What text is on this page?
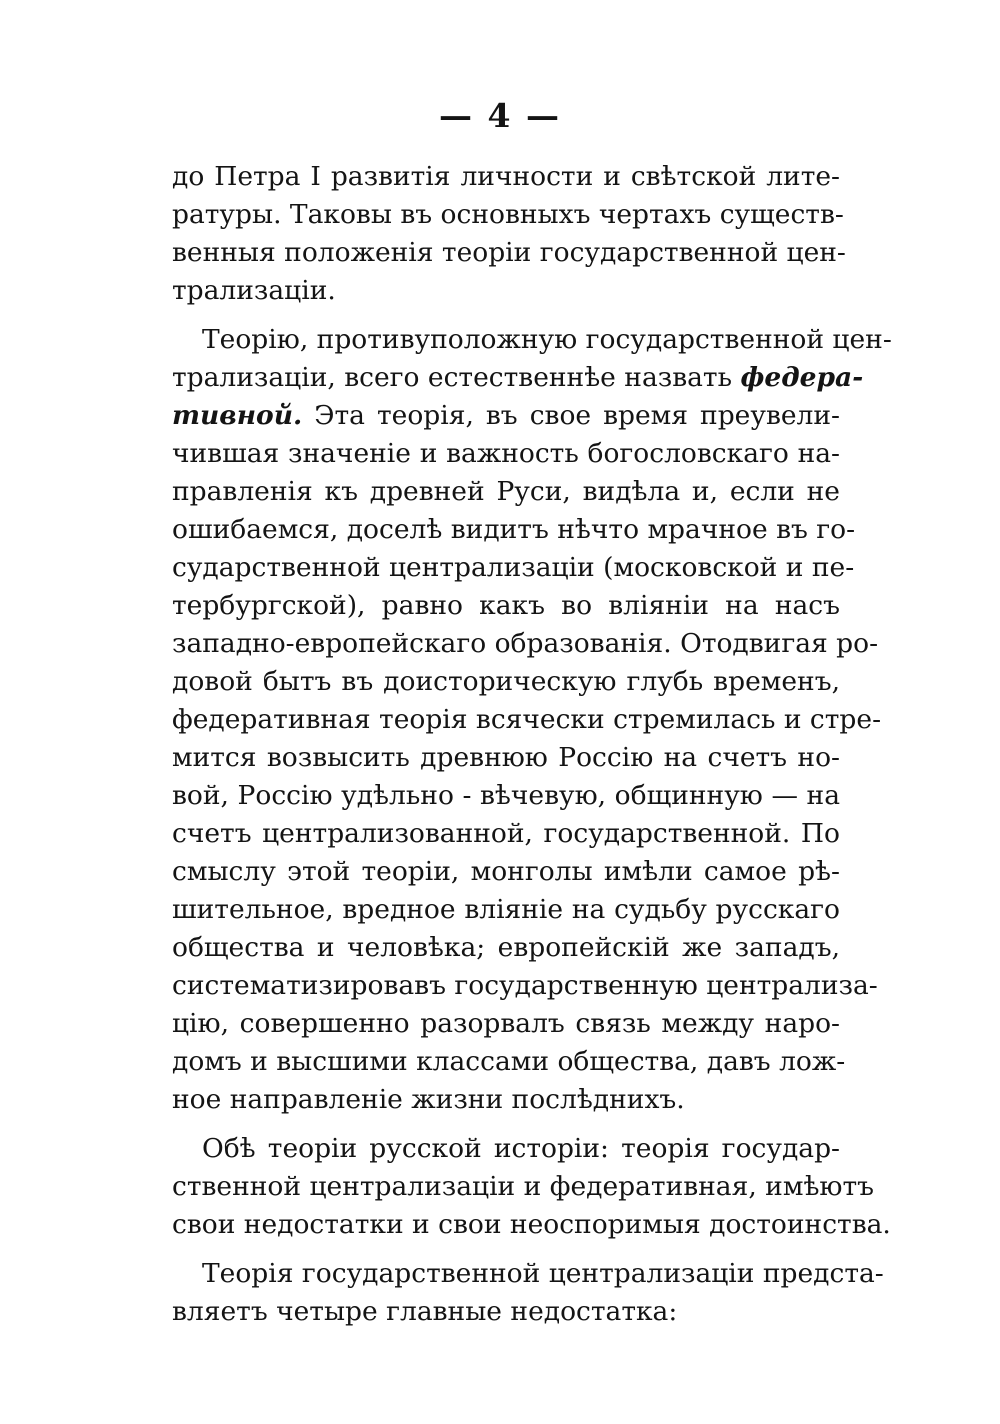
— 4 —
до Петра I развитія личности и свѣтской лите-
ратуры. Таковы въ основныхъ чертахъ существ-
венныя положенія теоріи государственной цен-
трализаціи.
Теорію, противуположную государственной цен-
трализаціи, всего естественнѣе назвать федера-
тивной. Эта теорія, въ свое время преувели-
чившая значеніе и важность богословскаго на-
правленія къ древней Руси, видѣла и, если не
ошибаемся, доселѣ видитъ нѣчто мрачное въ го-
сударственной централизаціи (московской и пе-
тербургской), равно какъ во вліяніи на насъ
западно-европейскаго образованія. Отодвигая ро-
довой бытъ въ доисторическую глубь временъ,
федеративная теорія всячески стремилась и стре-
мится возвысить древнюю Россію на счетъ но-
вой, Россію удѣльно - вѣчевую, общинную — на
счетъ централизованной, государственной. По
смыслу этой теоріи, монголы имѣли самое рѣ-
шительное, вредное вліяніе на судьбу русскаго
общества и человѣка; европейскій же западъ,
систематизировавъ государственную централиза-
цію, совершенно разорвалъ связь между наро-
домъ и высшими классами общества, давъ лож-
ное направленіе жизни послѣднихъ.
Обѣ теоріи русской исторіи: теорія государ-
ственной централизаціи и федеративная, имѣютъ
свои недостатки и свои неоспоримыя достоинства.
Теорія государственной централизаціи предста-
вляетъ четыре главные недостатка:
